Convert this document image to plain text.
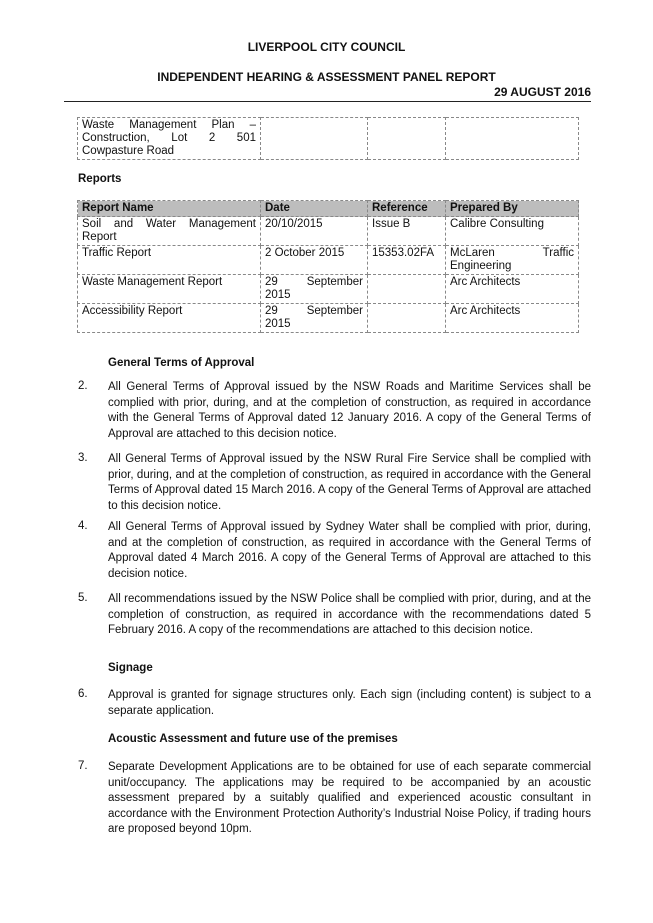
LIVERPOOL CITY COUNCIL
INDEPENDENT HEARING & ASSESSMENT PANEL REPORT
29 AUGUST 2016
Waste Management Plan – Construction, Lot 2 501 Cowpasture Road

Reports
Report Name	Date	Reference	Prepared By
Soil and Water Management Report	20/10/2015	Issue B	Calibre Consulting
Traffic Report	2 October 2015	15353.02FA	McLaren Traffic Engineering
Waste Management Report	29 September 2015		Arc Architects
Accessibility Report	29 September 2015		Arc Architects
General Terms of Approval
2.	All General Terms of Approval issued by the NSW Roads and Maritime Services shall be complied with prior, during, and at the completion of construction, as required in accordance with the General Terms of Approval dated 12 January 2016. A copy of the General Terms of Approval are attached to this decision notice.
3.	All General Terms of Approval issued by the NSW Rural Fire Service shall be complied with prior, during, and at the completion of construction, as required in accordance with the General Terms of Approval dated 15 March 2016. A copy of the General Terms of Approval are attached to this decision notice.
4.	All General Terms of Approval issued by Sydney Water shall be complied with prior, during, and at the completion of construction, as required in accordance with the General Terms of Approval dated 4 March 2016. A copy of the General Terms of Approval are attached to this decision notice.
5.	All recommendations issued by the NSW Police shall be complied with prior, during, and at the completion of construction, as required in accordance with the recommendations dated 5 February 2016. A copy of the recommendations are attached to this decision notice.
Signage
6.	Approval is granted for signage structures only. Each sign (including content) is subject to a separate application.
Acoustic Assessment and future use of the premises
7.	Separate Development Applications are to be obtained for use of each separate commercial unit/occupancy. The applications may be required to be accompanied by an acoustic assessment prepared by a suitably qualified and experienced acoustic consultant in accordance with the Environment Protection Authority’s Industrial Noise Policy, if trading hours are proposed beyond 10pm.
